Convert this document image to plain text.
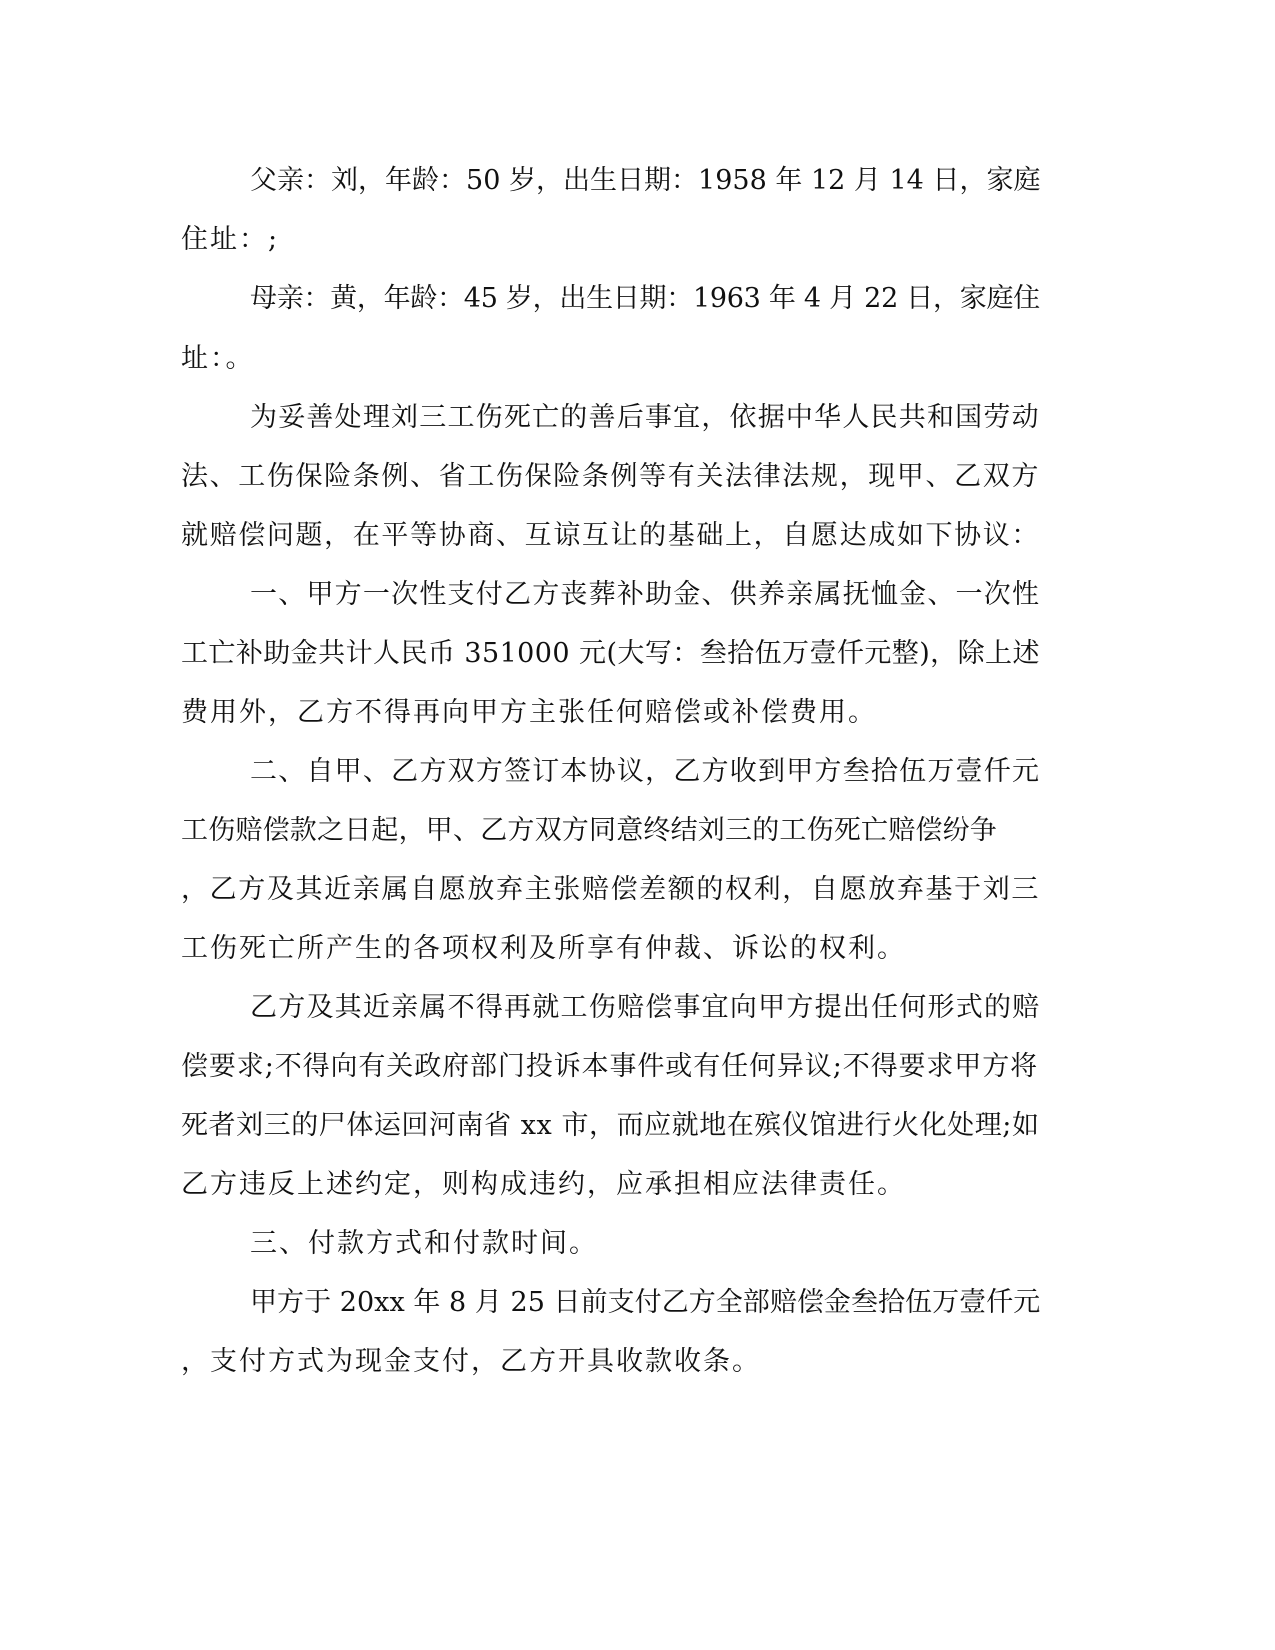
父亲：刘，年龄：50 岁，出生日期：1958 年 12 月 14 日，家庭

住址：;

母亲：黄，年龄：45 岁，出生日期：1963 年 4 月 22 日，家庭住

址：。

为妥善处理刘三工伤死亡的善后事宜，依据中华人民共和国劳动

法、工伤保险条例、省工伤保险条例等有关法律法规，现甲、乙双方

就赔偿问题，在平等协商、互谅互让的基础上，自愿达成如下协议：

一、甲方一次性支付乙方丧葬补助金、供养亲属抚恤金、一次性

工亡补助金共计人民币 351000 元(大写：叁拾伍万壹仟元整)，除上述

费用外，乙方不得再向甲方主张任何赔偿或补偿费用。

二、自甲、乙方双方签订本协议，乙方收到甲方叁拾伍万壹仟元

工伤赔偿款之日起，甲、乙方双方同意终结刘三的工伤死亡赔偿纷争

，乙方及其近亲属自愿放弃主张赔偿差额的权利，自愿放弃基于刘三

工伤死亡所产生的各项权利及所享有仲裁、诉讼的权利。

乙方及其近亲属不得再就工伤赔偿事宜向甲方提出任何形式的赔

偿要求;不得向有关政府部门投诉本事件或有任何异议;不得要求甲方将

死者刘三的尸体运回河南省 xx 市，而应就地在殡仪馆进行火化处理;如

乙方违反上述约定，则构成违约，应承担相应法律责任。

三、付款方式和付款时间。

甲方于 20xx 年 8 月 25 日前支付乙方全部赔偿金叁拾伍万壹仟元

，支付方式为现金支付，乙方开具收款收条。
